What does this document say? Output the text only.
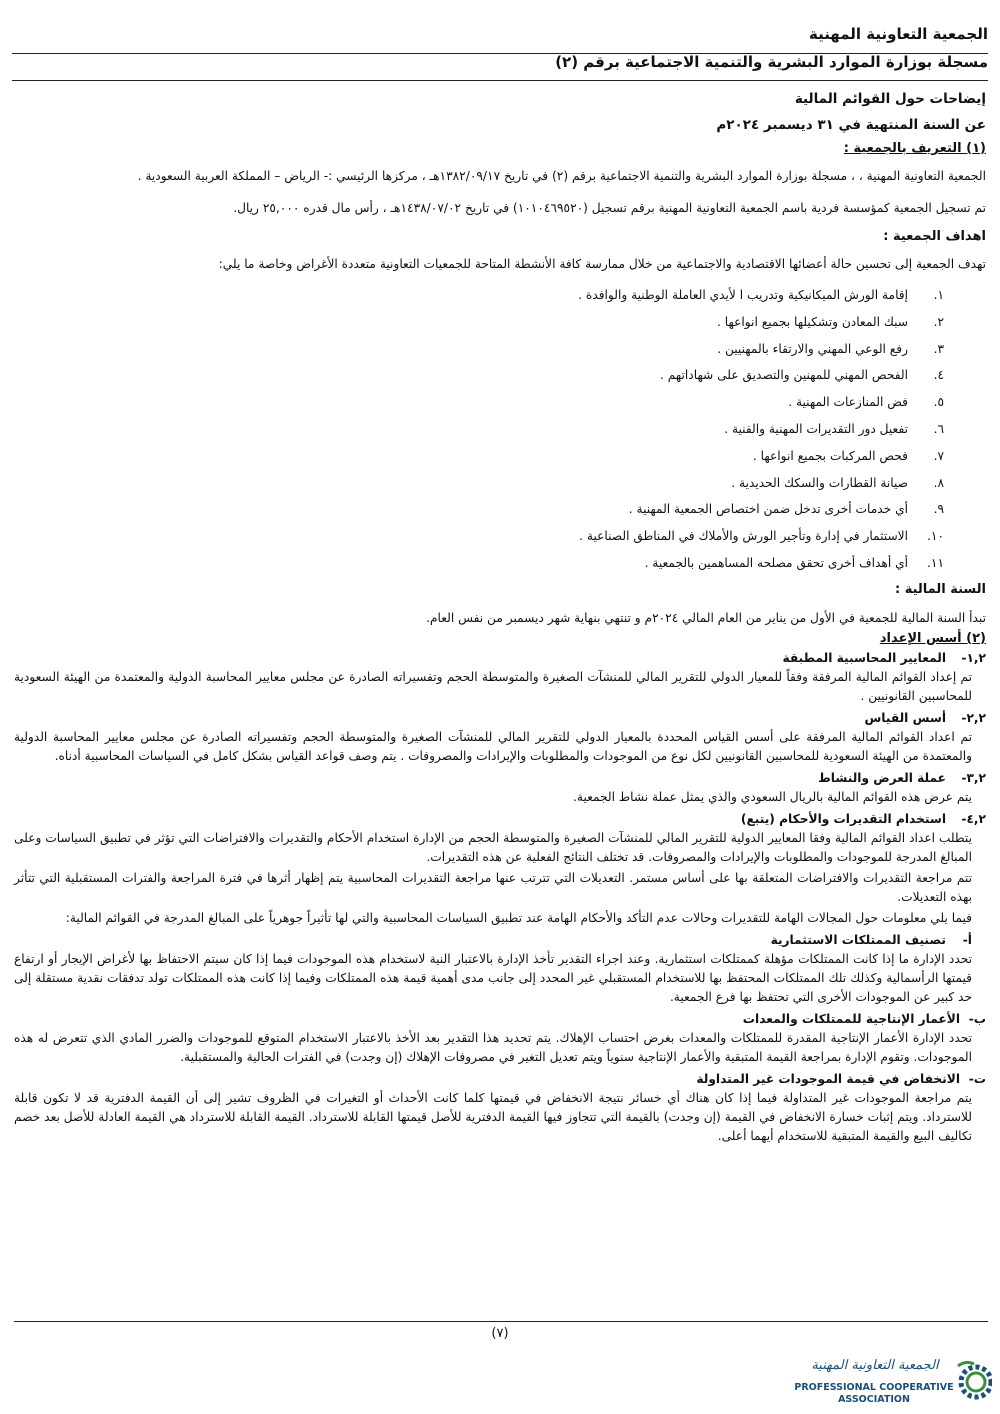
الجمعية التعاونية المهنية
مسجلة بوزارة الموارد البشرية والتنمية الاجتماعية برقم (٢)
إيضاحات حول القوائم المالية
عن السنة المنتهية في ٣١ ديسمبر ٢٠٢٤م
(١) التعريف بالجمعية :
الجمعية التعاونية المهنية ، ، مسجلة بوزارة الموارد البشرية والتنمية الاجتماعية برقم (٢) في تاريخ ١٣٨٢/٠٩/١٧هـ ، مركزها الرئيسي :- الرياض – المملكة العربية السعودية .
تم تسجيل الجمعية كمؤسسة فردية باسم الجمعية التعاونية المهنية برقم تسجيل (١٠١٠٤٦٩٥٢٠) في تاريخ ١٤٣٨/٠٧/٠٢هـ ، رأس مال قدره ٢٥,٠٠٠ ريال.
اهداف الجمعية :
تهدف الجمعية إلى تحسين حالة أعضائها الاقتصادية والاجتماعية من خلال ممارسة كافة الأنشطة المتاحة للجمعيات التعاونية متعددة الأغراض وخاصة ما يلي:
١.
إقامة الورش الميكانيكية وتدريب ا لأيدي العاملة الوطنية والوافدة .
٢.
سبك المعادن وتشكيلها بجميع انواعها .
٣.
رفع الوعي المهني والارتقاء بالمهنيين .
٤.
الفحص المهني للمهنين والتصديق على شهاداتهم .
٥.
فض المنازعات المهنية .
٦.
تفعيل دور التقديرات المهنية والفنية .
٧.
فحص المركبات بجميع انواعها .
٨.
صيانة القطارات والسكك الحديدية .
٩.
أي خدمات أخرى تدخل ضمن اختصاص الجمعية المهنية .
١٠.
الاستثمار في إدارة وتأجير الورش والأملاك في المناطق الصناعية .
١١.
أي أهداف أخرى تحقق مصلحه المساهمين بالجمعية .
السنة المالية :
تبدأ السنة المالية للجمعية في الأول من يناير من العام المالي ٢٠٢٤م و تنتهي بنهاية شهر ديسمبر من نفس العام.
(٢) أسس الإعداد
١,٢-المعايير المحاسبية المطبقة
تم إعداد القوائم المالية المرفقة وفقاً للمعيار الدولي للتقرير المالي للمنشآت الصغيرة والمتوسطة الحجم وتفسيراته الصادرة عن مجلس معايير المحاسبة الدولية والمعتمدة من الهيئة السعودية للمحاسبين القانونيين .
٢,٢-أسس القياس
تم اعداد القوائم المالية المرفقة على أسس القياس المحددة بالمعيار الدولي للتقرير المالي للمنشآت الصغيرة والمتوسطة الحجم وتفسيراته الصادرة عن مجلس معايير المحاسبة الدولية والمعتمدة من الهيئة السعودية للمحاسبين القانونيين لكل نوع من الموجودات والمطلوبات والإيرادات والمصروفات . يتم وصف قواعد القياس بشكل كامل في السياسات المحاسبية أدناه.
٣,٢-عملة العرض والنشاط
يتم عرض هذه القوائم المالية بالريال السعودي والذي يمثل عملة نشاط الجمعية.
٤,٢-استخدام التقديرات والأحكام (يتبع)
يتطلب اعداد القوائم المالية وفقا المعايير الدولية للتقرير المالي للمنشآت الصغيرة والمتوسطة الحجم من الإدارة استخدام الأحكام والتقديرات والافتراضات التي تؤثر في تطبيق السياسات وعلى المبالغ المدرجة للموجودات والمطلوبات والإيرادات والمصروفات. قد تختلف النتائج الفعلية عن هذه التقديرات.
تتم مراجعة التقديرات والافتراضات المتعلقة بها على أساس مستمر. التعديلات التي تترتب عنها مراجعة التقديرات المحاسبية يتم إظهار أثرها في فترة المراجعة والفترات المستقبلية التي تتأثر بهذه التعديلات.
فيما يلي معلومات حول المجالات الهامة للتقديرات وحالات عدم التأكد والأحكام الهامة عند تطبيق السياسات المحاسبية والتي لها تأثيراً جوهرياً على المبالغ المدرجة في القوائم المالية:
أ-تصنيف الممتلكات الاستثمارية
تحدد الإدارة ما إذا كانت الممتلكات مؤهلة كممتلكات استثمارية. وعند اجراء التقدير تأخذ الإدارة بالاعتبار النية لاستخدام هذه الموجودات فيما إذا كان سيتم الاحتفاظ بها لأغراض الإيجار أو ارتفاع قيمتها الرأسمالية وكذلك تلك الممتلكات المحتفظ بها للاستخدام المستقبلي غير المحدد إلى جانب مدى أهمية قيمة هذه الممتلكات وفيما إذا كانت هذه الممتلكات تولد تدفقات نقدية مستقلة إلى حد كبير عن الموجودات الأخرى التي تحتفظ بها فرع الجمعية.
ب-الأعمار الإنتاجية للممتلكات والمعدات
تحدد الإدارة الأعمار الإنتاجية المقدرة للممتلكات والمعدات بغرض احتساب الإهلاك. يتم تحديد هذا التقدير بعد الأخذ بالاعتبار الاستخدام المتوقع للموجودات والضرر المادي الذي تتعرض له هذه الموجودات. وتقوم الإدارة بمراجعة القيمة المتبقية والأعمار الإنتاجية سنوياً ويتم تعديل التغير في مصروفات الإهلاك (إن وجدت) في الفترات الحالية والمستقبلية.
ت-الانخفاض في قيمة الموجودات غير المتداولة
يتم مراجعة الموجودات غير المتداولة فيما إذا كان هناك أي خسائر نتيجة الانخفاض في قيمتها كلما كانت الأحداث أو التغيرات في الظروف تشير إلى أن القيمة الدفترية قد لا تكون قابلة للاسترداد. ويتم إثبات خسارة الانخفاض في القيمة (إن وجدت) بالقيمة التي تتجاوز فيها القيمة الدفترية للأصل قيمتها القابلة للاسترداد. القيمة القابلة للاسترداد هي القيمة العادلة للأصل بعد خصم تكاليف البيع والقيمة المتبقية للاستخدام أيهما أعلى.
(٧)
الجمعية التعاونية المهنية
PROFESSIONAL COOPERATIVE
ASSOCIATION
